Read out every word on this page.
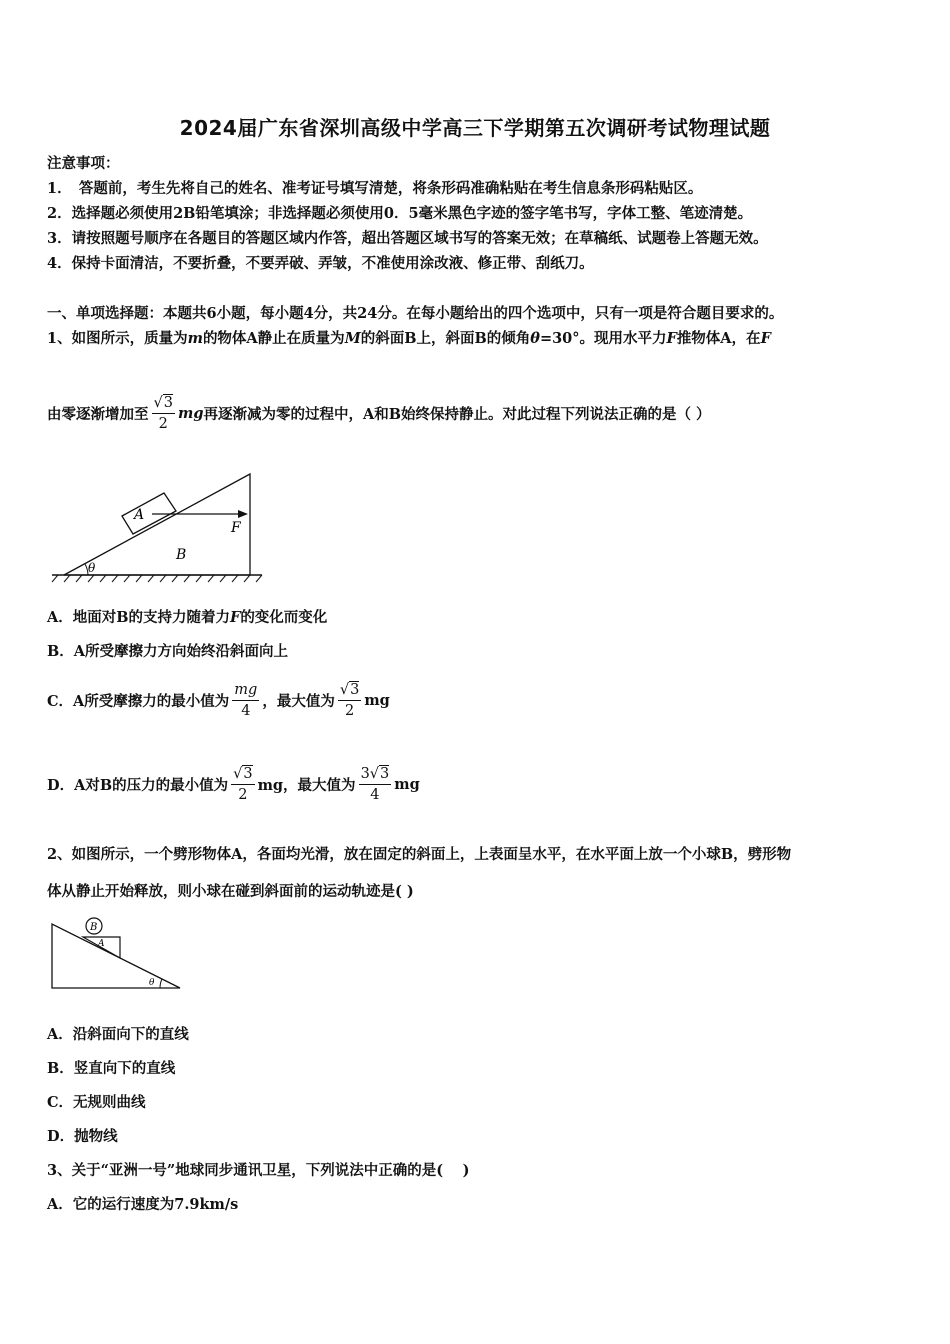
2024届广东省深圳高级中学高三下学期第五次调研考试物理试题
注意事项：
1．　答题前，考生先将自己的姓名、准考证号填写清楚，将条形码准确粘贴在考生信息条形码粘贴区。
2．选择题必须使用2B铅笔填涂；非选择题必须使用0．5毫米黑色字迹的签字笔书写，字体工整、笔迹清楚。
3．请按照题号顺序在各题目的答题区域内作答，超出答题区域书写的答案无效；在草稿纸、试题卷上答题无效。
4．保持卡面清洁，不要折叠，不要弄破、弄皱，不准使用涂改液、修正带、刮纸刀。
一、单项选择题：本题共6小题，每小题4分，共24分。在每小题给出的四个选项中，只有一项是符合题目要求的。
1、如图所示，质量为m的物体A静止在质量为M的斜面B上，斜面B的倾角θ=30°。现用水平力F推物体A，在F
由零逐渐增加至 $\frac{√3}{2}$ mg再逐渐减为零的过程中，A和B始终保持静止。对此过程下列说法正确的是（ ）
θ
A
F
B
A．地面对B的支持力随着力F的变化而变化
B．A所受摩擦力方向始终沿斜面向上
C．A所受摩擦力的最小值为 $\frac{mg}{4}$ ，最大值为 $\frac{√3}{2}$ mg
D．A对B的压力的最小值为 $\frac{√3}{2}$ mg，最大值为 $\frac{3√3}{4}$ mg
2、如图所示，一个劈形物体A，各面均光滑，放在固定的斜面上，上表面呈水平，在水平面上放一个小球B，劈形物
体从静止开始释放，则小球在碰到斜面前的运动轨迹是( )
B
A
θ
A．沿斜面向下的直线
B．竖直向下的直线
C．无规则曲线
D．抛物线
3、关于“亚洲一号”地球同步通讯卫星，下列说法中正确的是(　 )
A．它的运行速度为7.9km/s
